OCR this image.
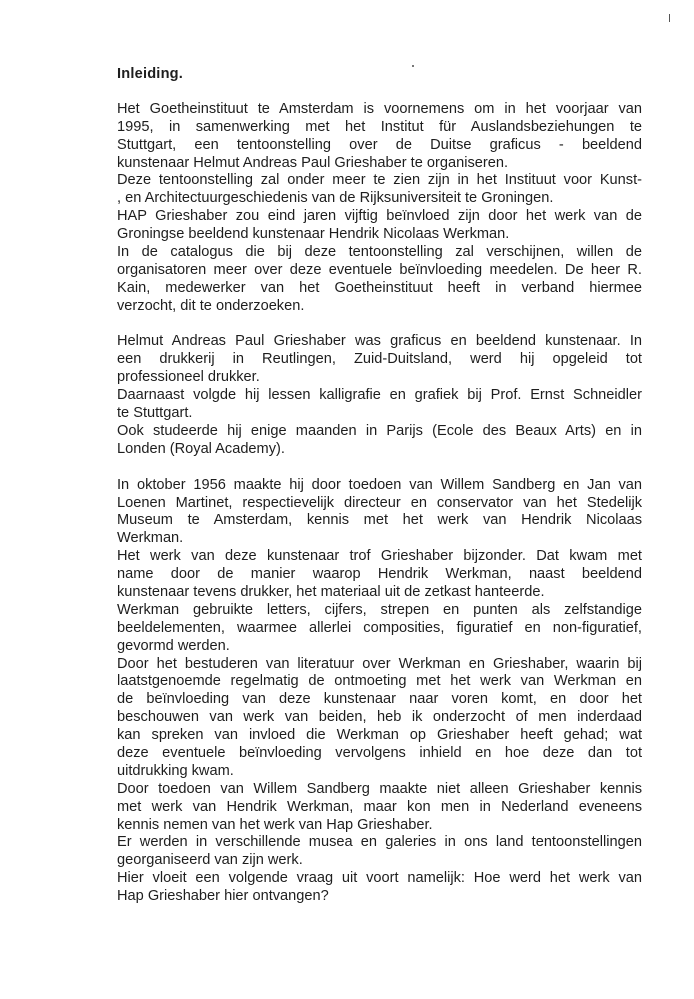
Inleiding.
Het Goetheinstituut te Amsterdam is voornemens om in het voorjaar van
1995, in samenwerking met het Institut für Auslandsbeziehungen te
Stuttgart, een tentoonstelling over de Duitse graficus - beeldend
kunstenaar Helmut Andreas Paul Grieshaber te organiseren.
Deze tentoonstelling zal onder meer te zien zijn in het Instituut voor Kunst-
, en Architectuurgeschiedenis van de Rijksuniversiteit te Groningen.
HAP Grieshaber zou eind jaren vijftig beïnvloed zijn door het werk van de
Groningse beeldend kunstenaar Hendrik Nicolaas Werkman.
In de catalogus die bij deze tentoonstelling zal verschijnen, willen de
organisatoren meer over deze eventuele beïnvloeding meedelen. De heer R.
Kain, medewerker van het Goetheinstituut heeft in verband hiermee
verzocht, dit te onderzoeken.
Helmut Andreas Paul Grieshaber was graficus en beeldend kunstenaar. In
een drukkerij in Reutlingen, Zuid-Duitsland, werd hij opgeleid tot
professioneel drukker.
Daarnaast volgde hij lessen kalligrafie en grafiek bij Prof. Ernst Schneidler
te Stuttgart.
Ook studeerde hij enige maanden in Parijs (Ecole des Beaux Arts) en in
Londen (Royal Academy).
In oktober 1956 maakte hij door toedoen van Willem Sandberg en Jan van
Loenen Martinet, respectievelijk directeur en conservator van het Stedelijk
Museum te Amsterdam, kennis met het werk van Hendrik Nicolaas
Werkman.
Het werk van deze kunstenaar trof Grieshaber bijzonder. Dat kwam met
name door de manier waarop Hendrik Werkman, naast beeldend
kunstenaar tevens drukker, het materiaal uit de zetkast hanteerde.
Werkman gebruikte letters, cijfers, strepen en punten als zelfstandige
beeldelementen, waarmee allerlei composities, figuratief en non-figuratief,
gevormd werden.
Door het bestuderen van literatuur over Werkman en Grieshaber, waarin bij
laatstgenoemde regelmatig de ontmoeting met het werk van Werkman en
de beïnvloeding van deze kunstenaar naar voren komt, en door het
beschouwen van werk van beiden, heb ik onderzocht of men inderdaad
kan spreken van invloed die Werkman op Grieshaber heeft gehad; wat
deze eventuele beïnvloeding vervolgens inhield en hoe deze dan tot
uitdrukking kwam.
Door toedoen van Willem Sandberg maakte niet alleen Grieshaber kennis
met werk van Hendrik Werkman, maar kon men in Nederland eveneens
kennis nemen van het werk van Hap Grieshaber.
Er werden in verschillende musea en galeries in ons land tentoonstellingen
georganiseerd van zijn werk.
Hier vloeit een volgende vraag uit voort namelijk: Hoe werd het werk van
Hap Grieshaber hier ontvangen?
